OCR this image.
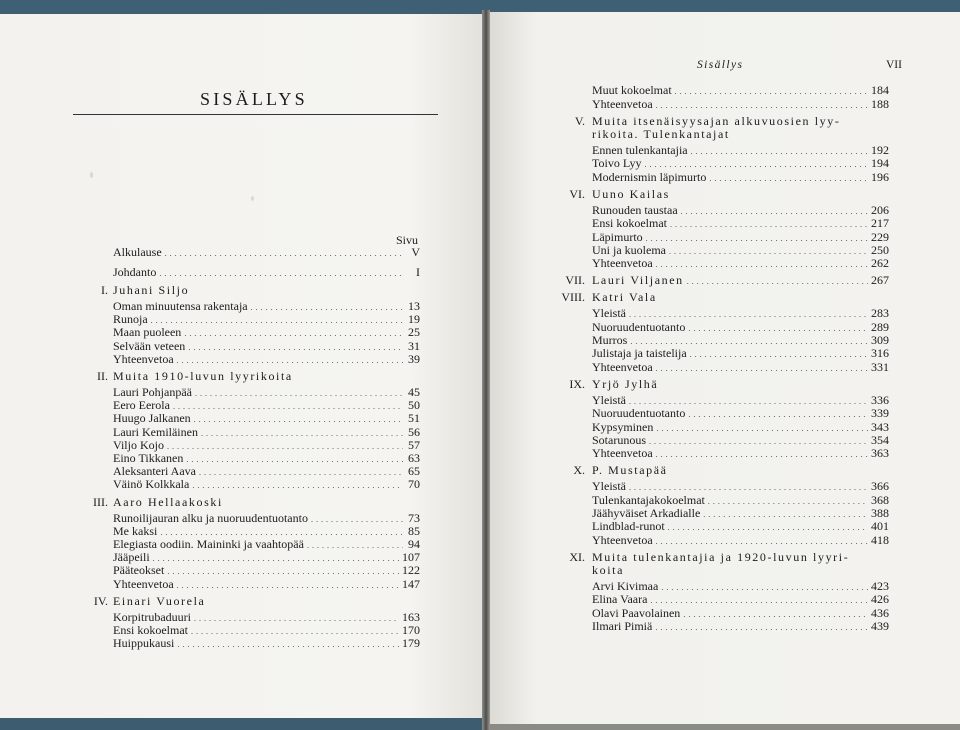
SISÄLLYS
Sivu
Sisällys	VII
Alkulause . . .	V
Johdanto . . .	I
I. Juhani Siljo
Oman minuutensa rakentaja . . .	13
Runoja . . .	19
Maan puoleen . . .	25
Selvään veteen . . .	31
Yhteenvetoa . . .	39
II. Muita 1910-luvun lyyrikoita
Lauri Pohjanpää . . .	45
Eero Eerola . . .	50
Huugo Jalkanen . . .	51
Lauri Kemiläinen . . .	56
Viljo Kojo . . .	57
Eino Tikkanen . . .	63
Aleksanteri Aava . . .	65
Väinö Kolkkala . . .	70
III. Aaro Hellaakoski
Runoilijauran alku ja nuoruudentuotanto . . .	73
Me kaksi . . .	85
Elegiasta oodiin. Maininki ja vaahtopää . . .	94
Jääpeili . . .	107
Pääteokset . . .	122
Yhteenvetoa . . .	147
IV. Einari Vuorela
Korpitrubaduuri . . .	163
Ensi kokoelmat . . .	170
Huippukausi . . .	179
Muut kokoelmat . . .	184
Yhteenvetoa . . .	188
V. Muita itsenäisyysajan alkuvuosien lyy-
rikoita. Tulenkantajat
Ennen tulenkantajia . . .	192
Toivo Lyy . . .	194
Modernismin läpimurto . . .	196
VI. Uuno Kailas
Runouden taustaa . . .	206
Ensi kokoelmat . . .	217
Läpimurto . . .	229
Uni ja kuolema . . .	250
Yhteenvetoa . . .	262
VII. Lauri Viljanen . . .	267
VIII. Katri Vala
Yleistä . . .	283
Nuoruudentuotanto . . .	289
Murros . . .	309
Julistaja ja taistelija . . .	316
Yhteenvetoa . . .	331
IX. Yrjö Jylhä
Yleistä . . .	336
Nuoruudentuotanto . . .	339
Kypsyminen . . .	343
Sotarunous . . .	354
Yhteenvetoa . . .	363
X. P. Mustapää
Yleistä . . .	366
Tulenkantajakokoelmat . . .	368
Jäähyväiset Arkadialle . . .	388
Lindblad-runot . . .	401
Yhteenvetoa . . .	418
XI. Muita tulenkantajia ja 1920-luvun lyyri-
koita
Arvi Kivimaa . . .	423
Elina Vaara . . .	426
Olavi Paavolainen . . .	436
Ilmari Pimiä . . .	439
